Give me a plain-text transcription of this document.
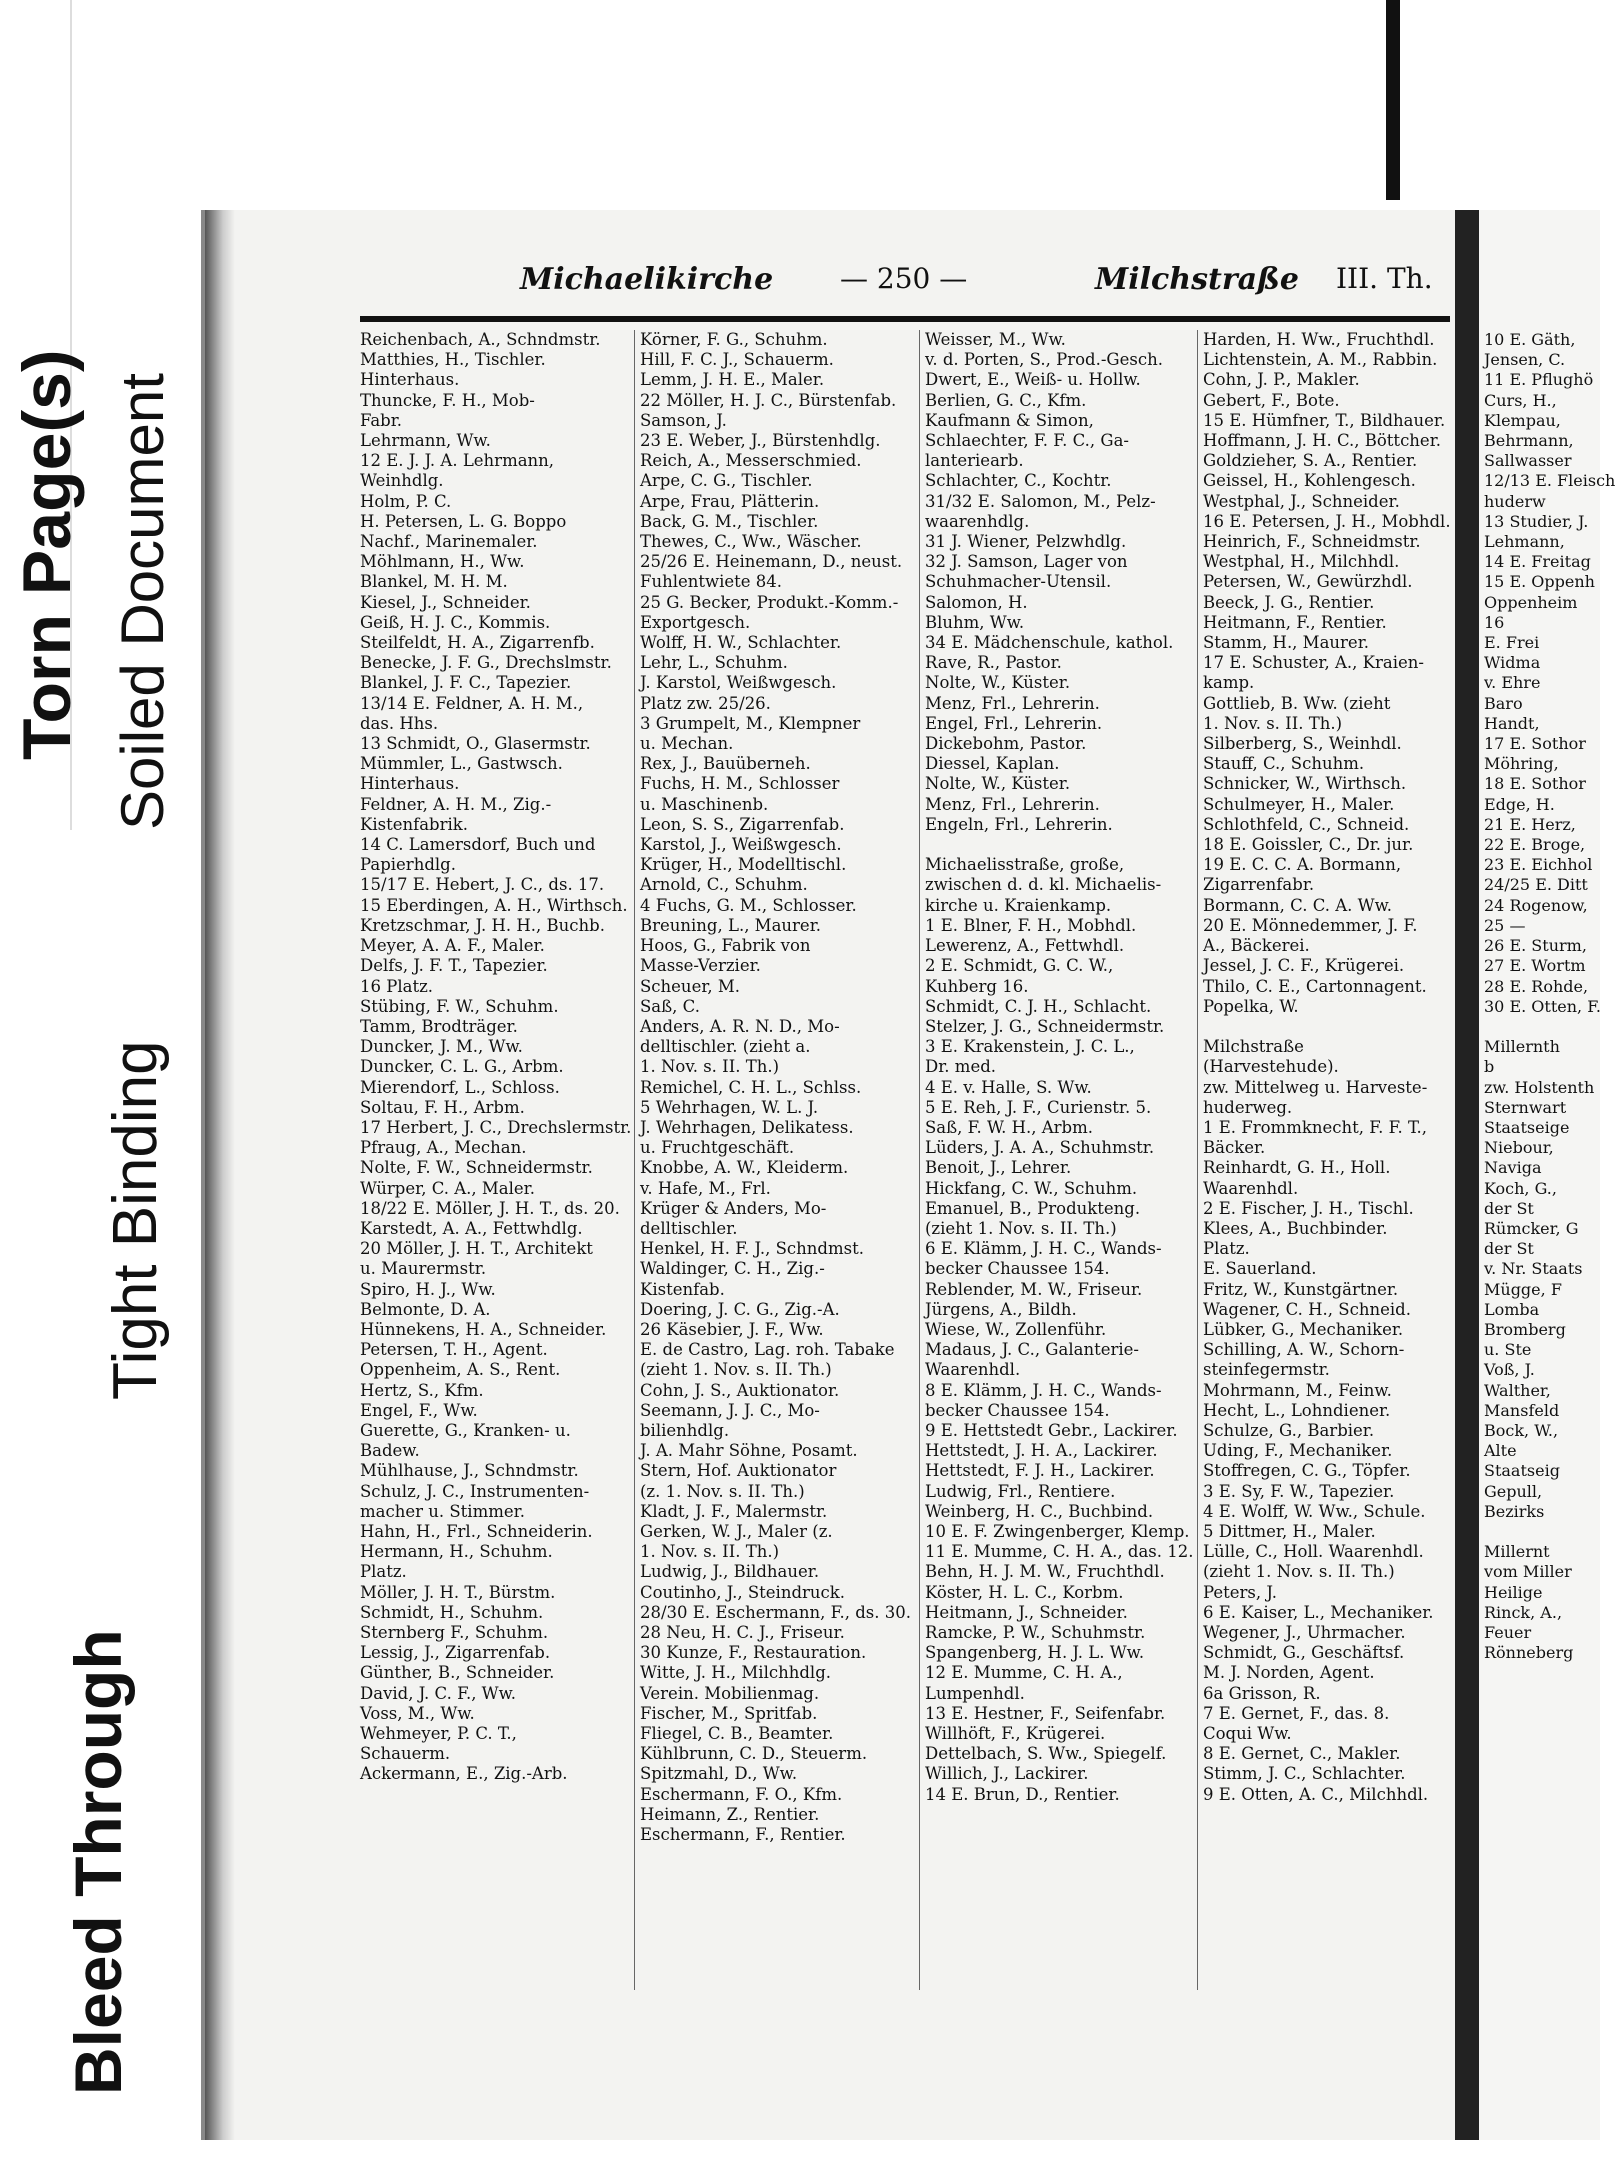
Torn Page(s) Soiled Document
Tight Binding
Bleed Through
Michaelikirche — 250 —	Milchstraße III. Th.
Reichenbach, A., Schndmstr.
Matthies, H., Tischler.
Hinterhaus.
Thuncke, F. H., Mob-
Fabr.
Lehrmann, Ww.
12 E. J. J. A. Lehrmann,
Weinhdlg.
Holm, P. C.
H. Petersen, L. G. Boppo
Nachf., Marinemaler.
Möhlmann, H., Ww.
Blankel, M. H. M.
Kiesel, J., Schneider.
Geiß, H. J. C., Kommis.
Steilfeldt, H. A., Zigarrenfb.
Benecke, J. F. G., Drechslmstr.
Blankel, J. F. C., Tapezier.
13/14 E. Feldner, A. H. M.,
das. Hhs.
13 Schmidt, O., Glasermstr.
Mümmler, L., Gastwsch.
Hinterhaus.
Feldner, A. H. M., Zig.-
Kistenfabrik.
14 C. Lamersdorf, Buch und
Papierhdlg.
15/17 E. Hebert, J. C., ds. 17.
15 Eberdingen, A. H., Wirthsch.
Kretzschmar, J. H. H., Buchb.
Meyer, A. A. F., Maler.
Delfs, J. F. T., Tapezier.
16 Platz.
Stübing, F. W., Schuhm.
Tamm, Brodträger.
Duncker, J. M., Ww.
Duncker, C. L. G., Arbm.
Mierendorf, L., Schloss.
Soltau, F. H., Arbm.
17 Herbert, J. C., Drechslermstr.
Pfraug, A., Mechan.
Nolte, F. W., Schneidermstr.
Würper, C. A., Maler.
18/22 E. Möller, J. H. T., ds. 20.
Karstedt, A. A., Fettwhdlg.
20 Möller, J. H. T., Architekt
u. Maurermstr.
Spiro, H. J., Ww.
Belmonte, D. A.
Hünnekens, H. A., Schneider.
Petersen, T. H., Agent.
Oppenheim, A. S., Rent.
Hertz, S., Kfm.
Engel, F., Ww.
Guerette, G., Kranken- u.
Badew.
Mühlhause, J., Schndmstr.
Schulz, J. C., Instrumenten-
macher u. Stimmer.
Hahn, H., Frl., Schneiderin.
Hermann, H., Schuhm.
Platz.
Möller, J. H. T., Bürstm.
Schmidt, H., Schuhm.
Sternberg F., Schuhm.
Lessig, J., Zigarrenfab.
Günther, B., Schneider.
David, J. C. F., Ww.
Voss, M., Ww.
Wehmeyer, P. C. T.,
Schauerm.
Ackermann, E., Zig.-Arb.
Körner, F. G., Schuhm.
Hill, F. C. J., Schauerm.
Lemm, J. H. E., Maler.
22 Möller, H. J. C., Bürstenfab.
Samson, J.
23 E. Weber, J., Bürstenhdlg.
Reich, A., Messerschmied.
Arpe, C. G., Tischler.
Arpe, Frau, Plätterin.
Back, G. M., Tischler.
Thewes, C., Ww., Wäscher.
25/26 E. Heinemann, D., neust.
Fuhlentwiete 84.
25 G. Becker, Produkt.-Komm.-
Exportgesch.
Wolff, H. W., Schlachter.
Lehr, L., Schuhm.
J. Karstol, Weißwgesch.
Platz zw. 25/26.
3 Grumpelt, M., Klempner
u. Mechan.
Rex, J., Bauüberneh.
Fuchs, H. M., Schlosser
u. Maschinenb.
Leon, S. S., Zigarrenfab.
Karstol, J., Weißwgesch.
Krüger, H., Modelltischl.
Arnold, C., Schuhm.
4 Fuchs, G. M., Schlosser.
Breuning, L., Maurer.
Hoos, G., Fabrik von
Masse-Verzier.
Scheuer, M.
Saß, C.
Anders, A. R. N. D., Mo-
delltischler. (zieht a.
1. Nov. s. II. Th.)
Remichel, C. H. L., Schlss.
5 Wehrhagen, W. L. J.
J. Wehrhagen, Delikatess.
u. Fruchtgeschäft.
Knobbe, A. W., Kleiderm.
v. Hafe, M., Frl.
Krüger & Anders, Mo-
delltischler.
Henkel, H. F. J., Schndmst.
Waldinger, C. H., Zig.-
Kistenfab.
Doering, J. C. G., Zig.-A.
26 Käsebier, J. F., Ww.
E. de Castro, Lag. roh. Tabake
(zieht 1. Nov. s. II. Th.)
Cohn, J. S., Auktionator.
Seemann, J. J. C., Mo-
bilienhdlg.
J. A. Mahr Söhne, Posamt.
Stern, Hof. Auktionator
(z. 1. Nov. s. II. Th.)
Kladt, J. F., Malermstr.
Gerken, W. J., Maler (z.
1. Nov. s. II. Th.)
Ludwig, J., Bildhauer.
Coutinho, J., Steindruck.
28/30 E. Eschermann, F., ds. 30.
28 Neu, H. C. J., Friseur.
30 Kunze, F., Restauration.
Witte, J. H., Milchhdlg.
Verein. Mobilienmag.
Fischer, M., Spritfab.
Fliegel, C. B., Beamter.
Kühlbrunn, C. D., Steuerm.
Spitzmahl, D., Ww.
Eschermann, F. O., Kfm.
Heimann, Z., Rentier.
Eschermann, F., Rentier.
Weisser, M., Ww.
v. d. Porten, S., Prod.-Gesch.
Dwert, E., Weiß- u. Hollw.
Berlien, G. C., Kfm.
Kaufmann & Simon,
Schlaechter, F. F. C., Ga-
lanteriearb.
Schlachter, C., Kochtr.
31/32 E. Salomon, M., Pelz-
waarenhdlg.
31 J. Wiener, Pelzwhdlg.
32 J. Samson, Lager von
Schuhmacher-Utensil.
Salomon, H.
Bluhm, Ww.
34 E. Mädchenschule, kathol.
Rave, R., Pastor.
Nolte, W., Küster.
Menz, Frl., Lehrerin.
Engel, Frl., Lehrerin.
Dickebohm, Pastor.
Diessel, Kaplan.
Nolte, W., Küster.
Menz, Frl., Lehrerin.
Engeln, Frl., Lehrerin.

Michaelisstraße, große,
zwischen d. d. kl. Michaelis-
kirche u. Kraienkamp.
1 E. Blner, F. H., Mobhdl.
Lewerenz, A., Fettwhdl.
2 E. Schmidt, G. C. W.,
Kuhberg 16.
Schmidt, C. J. H., Schlacht.
Stelzer, J. G., Schneidermstr.
3 E. Krakenstein, J. C. L.,
Dr. med.
4 E. v. Halle, S. Ww.
5 E. Reh, J. F., Curienstr. 5.
Saß, F. W. H., Arbm.
Lüders, J. A. A., Schuhmstr.
Benoit, J., Lehrer.
Hickfang, C. W., Schuhm.
Emanuel, B., Produkteng.
(zieht 1. Nov. s. II. Th.)
6 E. Klämm, J. H. C., Wands-
becker Chaussee 154.
Reblender, M. W., Friseur.
Jürgens, A., Bildh.
Wiese, W., Zollenführ.
Madaus, J. C., Galanterie-
Waarenhdl.
8 E. Klämm, J. H. C., Wands-
becker Chaussee 154.
9 E. Hettstedt Gebr., Lackirer.
Hettstedt, J. H. A., Lackirer.
Hettstedt, F. J. H., Lackirer.
Ludwig, Frl., Rentiere.
Weinberg, H. C., Buchbind.
10 E. F. Zwingenberger, Klemp.
11 E. Mumme, C. H. A., das. 12.
Behn, H. J. M. W., Fruchthdl.
Köster, H. L. C., Korbm.
Heitmann, J., Schneider.
Ramcke, P. W., Schuhmstr.
Spangenberg, H. J. L. Ww.
12 E. Mumme, C. H. A.,
Lumpenhdl.
13 E. Hestner, F., Seifenfabr.
Willhöft, F., Krügerei.
Dettelbach, S. Ww., Spiegelf.
Willich, J., Lackirer.
14 E. Brun, D., Rentier.
Harden, H. Ww., Fruchthdl.
Lichtenstein, A. M., Rabbin.
Cohn, J. P., Makler.
Gebert, F., Bote.
15 E. Hümfner, T., Bildhauer.
Hoffmann, J. H. C., Böttcher.
Goldzieher, S. A., Rentier.
Geissel, H., Kohlengesch.
Westphal, J., Schneider.
16 E. Petersen, J. H., Mobhdl.
Heinrich, F., Schneidmstr.
Westphal, H., Milchhdl.
Petersen, W., Gewürzhdl.
Beeck, J. G., Rentier.
Heitmann, F., Rentier.
Stamm, H., Maurer.
17 E. Schuster, A., Kraien-
kamp.
Gottlieb, B. Ww. (zieht
1. Nov. s. II. Th.)
Silberberg, S., Weinhdl.
Stauff, C., Schuhm.
Schnicker, W., Wirthsch.
Schulmeyer, H., Maler.
Schlothfeld, C., Schneid.
18 E. Goissler, C., Dr. jur.
19 E. C. C. A. Bormann,
Zigarrenfabr.
Bormann, C. C. A. Ww.
20 E. Mönnedemmer, J. F.
A., Bäckerei.
Jessel, J. C. F., Krügerei.
Thilo, C. E., Cartonnagent.
Popelka, W.

Milchstraße
(Harvestehude).
zw. Mittelweg u. Harveste-
huderweg.
1 E. Frommknecht, F. F. T.,
Bäcker.
Reinhardt, G. H., Holl.
Waarenhdl.
2 E. Fischer, J. H., Tischl.
Klees, A., Buchbinder.
Platz.
E. Sauerland.
Fritz, W., Kunstgärtner.
Wagener, C. H., Schneid.
Lübker, G., Mechaniker.
Schilling, A. W., Schorn-
steinfegermstr.
Mohrmann, M., Feinw.
Hecht, L., Lohndiener.
Schulze, G., Barbier.
Uding, F., Mechaniker.
Stoffregen, C. G., Töpfer.
3 E. Sy, F. W., Tapezier.
4 E. Wolff, W. Ww., Schule.
5 Dittmer, H., Maler.
Lülle, C., Holl. Waarenhdl.
(zieht 1. Nov. s. II. Th.)
Peters, J.
6 E. Kaiser, L., Mechaniker.
Wegener, J., Uhrmacher.
Schmidt, G., Geschäftsf.
M. J. Norden, Agent.
6a Grisson, R.
7 E. Gernet, F., das. 8.
Coqui Ww.
8 E. Gernet, C., Makler.
Stimm, J. C., Schlachter.
9 E. Otten, A. C., Milchhdl.
10 E. Gäth,
Jensen, C.
11 E. Pflughö
Curs, H.,
Klempau,
Behrmann,
Sallwasser
12/13 E. Fleisch
huderw
13 Studier, J.
Lehmann,
14 E. Freitag
15 E. Oppenh
Oppenheim
16
E. Frei
Widma
v. Ehre
Baro
Handt,
17 E. Sothor
Möhring,
18 E. Sothor
Edge, H.
21 E. Herz,
22 E. Broge,
23 E. Eichhol
24/25 E. Ditt
24 Rogenow,
25 —
26 E. Sturm,
27 E. Wortm
28 E. Rohde,
30 E. Otten, F.

Millernth
b
zw. Holstenth
Sternwart
Staatseige
Niebour,
Naviga
Koch, G.,
der St
Rümcker, G
der St
v. Nr. Staats
Mügge, F
Lomba
Bromberg
u. Ste
Voß, J.
Walther,
Mansfeld
Bock, W.,
Alte
Staatseig
Gepull,
Bezirks

Millernt
vom Miller
Heilige
Rinck, A.,
Feuer
Rönneberg
